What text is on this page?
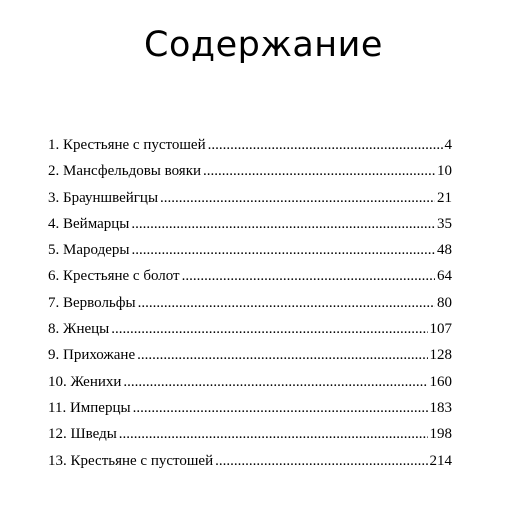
Содержание
1. Крестьяне с пустошей .....	4
2. Мансфельдовы вояки .....	10
3. Брауншвейгцы .....	21
4. Веймарцы .....	35
5. Мародеры .....	48
6. Крестьяне с болот .....	64
7. Вервольфы .....	80
8. Жнецы .....	107
9. Прихожане .....	128
10. Женихи .....	160
11. Имперцы .....	183
12. Шведы .....	198
13. Крестьяне с пустошей .....	214
